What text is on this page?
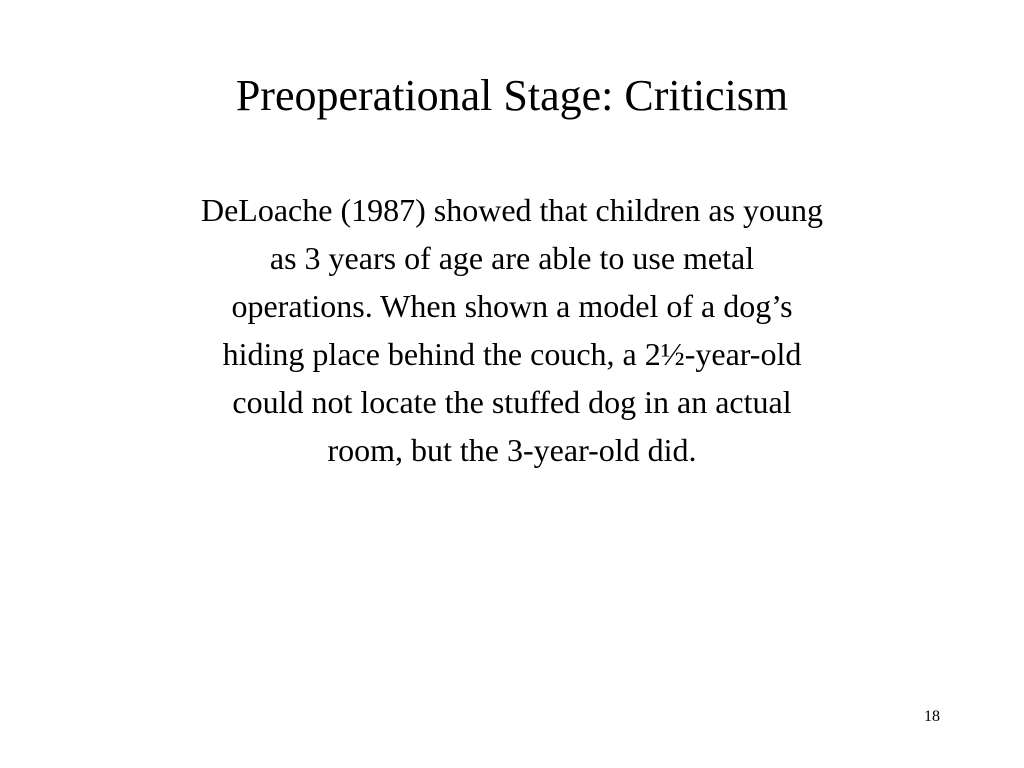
Preoperational Stage: Criticism
DeLoache (1987) showed that children as young
as 3 years of age are able to use metal
operations. When shown a model of a dog’s
hiding place behind the couch, a 2½-year-old
could not locate the stuffed dog in an actual
room, but the 3-year-old did.
18
